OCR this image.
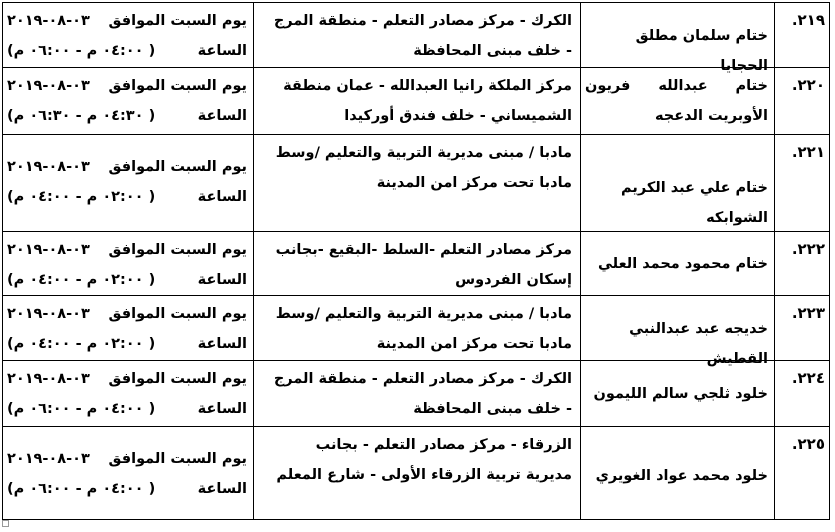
٢١٩.
ختام سلمان مطلق الحجايا
الكرك - مركز مصادر التعلم - منطقة المرج
- خلف مبنى المحافظة
يوم السبت الموافق
٠٣-٠٨-٢٠١٩
الساعة
( ٠٤:٠٠ م - ٠٦:٠٠ م)
٢٢٠.
ختام عبدالله فريون الأوبريت الدعجه
مركز الملكة رانيا العبدالله - عمان منطقة
الشميساني - خلف فندق أوركيدا
يوم السبت الموافق
٠٣-٠٨-٢٠١٩
الساعة
( ٠٤:٣٠ م - ٠٦:٣٠ م)
٢٢١.
ختام علي عبد الكريم الشوابكه
مادبا / مبنى مديرية التربية والتعليم /وسط
مادبا تحت مركز امن المدينة
يوم السبت الموافق
٠٣-٠٨-٢٠١٩
الساعة
( ٠٢:٠٠ م - ٠٤:٠٠ م)
٢٢٢.
ختام محمود محمد العلي
مركز مصادر التعلم -السلط -البقيع -بجانب
إسكان الفردوس
يوم السبت الموافق
٠٣-٠٨-٢٠١٩
الساعة
( ٠٢:٠٠ م - ٠٤:٠٠ م)
٢٢٣.
خديجه عبد عبدالنبي القطيش
مادبا / مبنى مديرية التربية والتعليم /وسط
مادبا تحت مركز امن المدينة
يوم السبت الموافق
٠٣-٠٨-٢٠١٩
الساعة
( ٠٢:٠٠ م - ٠٤:٠٠ م)
٢٢٤.
خلود ثلجي سالم الليمون
الكرك - مركز مصادر التعلم - منطقة المرج
- خلف مبنى المحافظة
يوم السبت الموافق
٠٣-٠٨-٢٠١٩
الساعة
( ٠٤:٠٠ م - ٠٦:٠٠ م)
٢٢٥.
خلود محمد عواد الغويري
الزرقاء - مركز مصادر التعلم - بجانب
مديرية تربية الزرقاء الأولى - شارع المعلم
يوم السبت الموافق
٠٣-٠٨-٢٠١٩
الساعة
( ٠٤:٠٠ م - ٠٦:٠٠ م)
